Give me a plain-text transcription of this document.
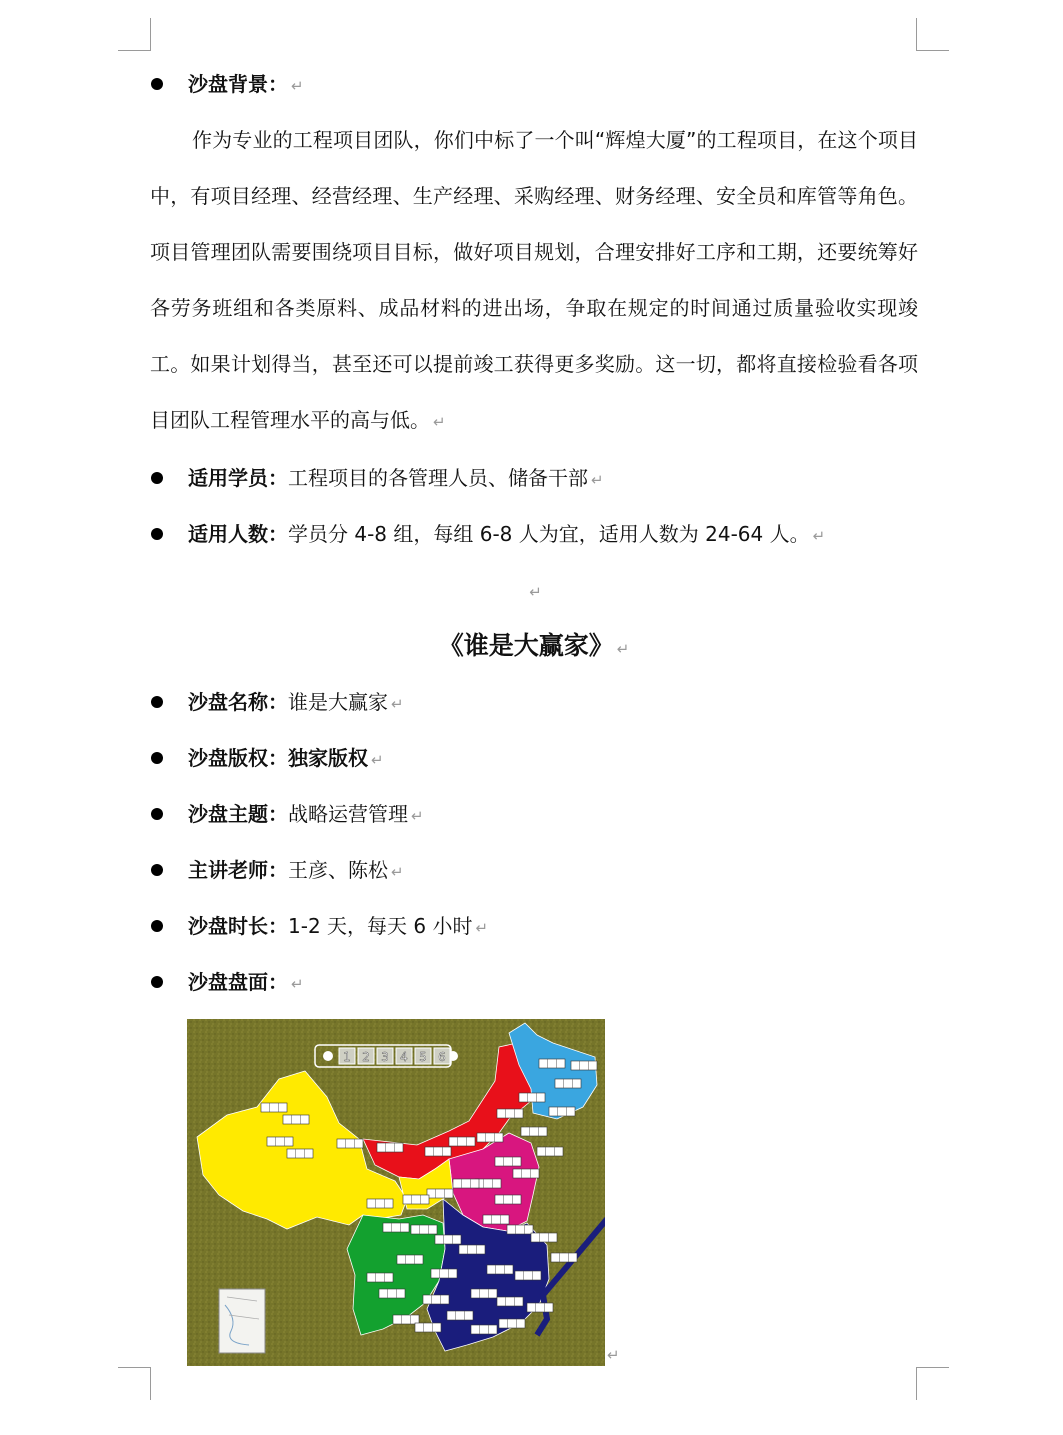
沙盘背景： ↵
作为专业的工程项目团队，你们中标了一个叫“辉煌大厦”的工程项目，在这个项目中，有项目经理、经营经理、生产经理、采购经理、财务经理、安全员和库管等角色。项目管理团队需要围绕项目目标，做好项目规划，合理安排好工序和工期，还要统筹好各劳务班组和各类原料、成品材料的进出场，争取在规定的时间通过质量验收实现竣工。如果计划得当，甚至还可以提前竣工获得更多奖励。这一切，都将直接检验看各项目团队工程管理水平的高与低。 ↵
适用学员：工程项目的各管理人员、储备干部 ↵
适用人数：学员分 4-8 组，每组 6-8 人为宜，适用人数为 24-64 人。 ↵
↵
《谁是大赢家》 ↵
沙盘名称：谁是大赢家 ↵
沙盘版权：独家版权 ↵
沙盘主题：战略运营管理 ↵
主讲老师：王彦、陈松 ↵
沙盘时长：1-2 天，每天 6 小时 ↵
沙盘盘面： ↵
1 2 3 4 5 6
↵
